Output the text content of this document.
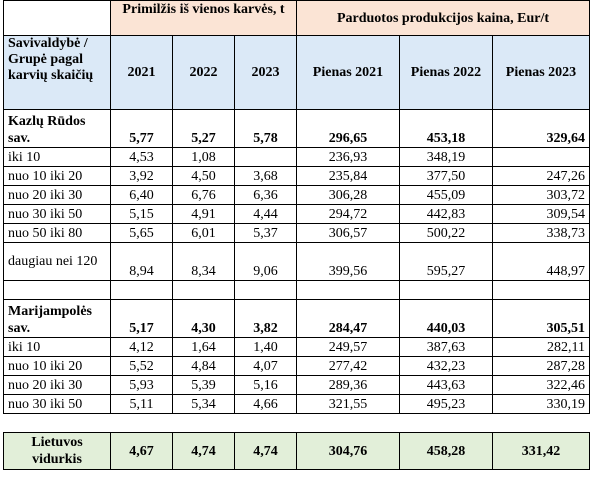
	Primilžis iš vienos karvės, t			Parduotos produkcijos kaina, Eur/t		
Savivaldybė / Grupė pagal karvių skaičių	2021	2022	2023	Pienas 2021	Pienas 2022	Pienas 2023
Kazlų Rūdos sav.	5,77	5,27	5,78	296,65	453,18	329,64
iki 10	4,53	1,08		236,93	348,19	
nuo 10 iki 20	3,92	4,50	3,68	235,84	377,50	247,26
nuo 20 iki 30	6,40	6,76	6,36	306,28	455,09	303,72
nuo 30 iki 50	5,15	4,91	4,44	294,72	442,83	309,54
nuo 50 iki 80	5,65	6,01	5,37	306,57	500,22	338,73
daugiau nei 120	8,94	8,34	9,06	399,56	595,27	448,97

Marijampolės sav.	5,17	4,30	3,82	284,47	440,03	305,51
iki 10	4,12	1,64	1,40	249,57	387,63	282,11
nuo 10 iki 20	5,52	4,84	4,07	277,42	432,23	287,28
nuo 20 iki 30	5,93	5,39	5,16	289,36	443,63	322,46
nuo 30 iki 50	5,11	5,34	4,66	321,55	495,23	330,19

Lietuvos vidurkis	4,67	4,74	4,74	304,76	458,28	331,42
